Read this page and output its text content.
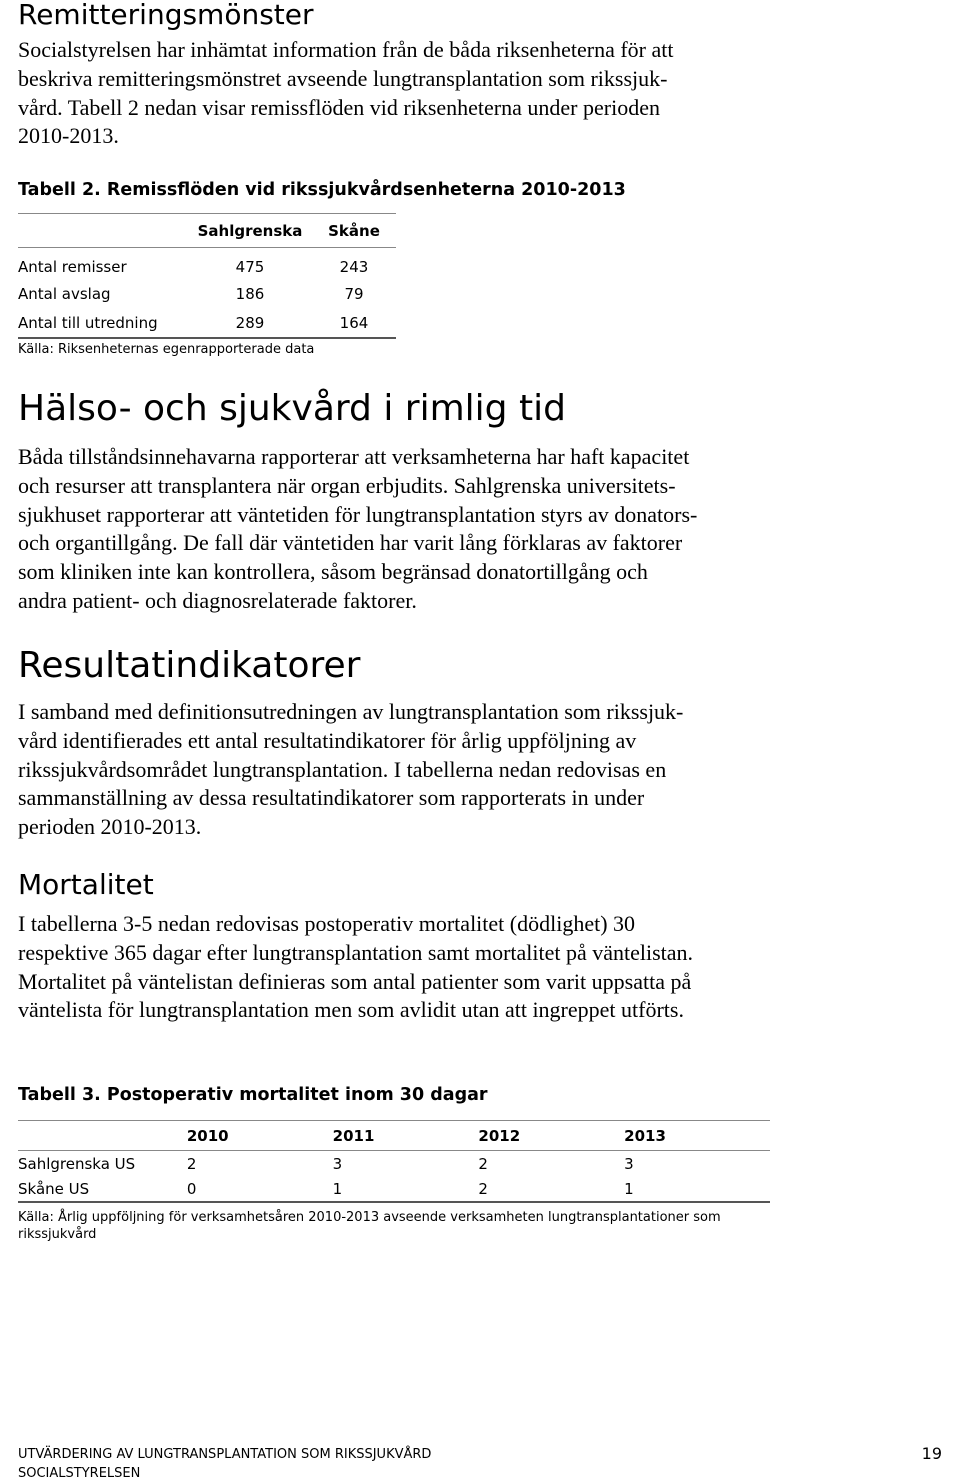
Remitteringsmönster

Socialstyrelsen har inhämtat information från de båda riksenheterna för att

beskriva remitteringsmönstret avseende lungtransplantation som rikssjuk-

vård. Tabell 2 nedan visar remissflöden vid riksenheterna under perioden

2010-2013.

Tabell 2. Remissflöden vid rikssjukvårdsenheterna 2010-2013
	Sahlgrenska	Skåne
Antal remisser	475	243
Antal avslag	186	79
Antal till utredning	289	164
Källa: Riksenheternas egenrapporterade data
Hälso- och sjukvård i rimlig tid

Båda tillståndsinnehavarna rapporterar att verksamheterna har haft kapacitet

och resurser att transplantera när organ erbjudits. Sahlgrenska universitets-

sjukhuset rapporterar att väntetiden för lungtransplantation styrs av donators-

och organtillgång. De fall där väntetiden har varit lång förklaras av faktorer

som kliniken inte kan kontrollera, såsom begränsad donatortillgång och

andra patient- och diagnosrelaterade faktorer.

Resultatindikatorer

I samband med definitionsutredningen av lungtransplantation som rikssjuk-

vård identifierades ett antal resultatindikatorer för årlig uppföljning av

rikssjukvårdsområdet lungtransplantation. I tabellerna nedan redovisas en

sammanställning av dessa resultatindikatorer som rapporterats in under

perioden 2010-2013.

Mortalitet

I tabellerna 3-5 nedan redovisas postoperativ mortalitet (dödlighet) 30

respektive 365 dagar efter lungtransplantation samt mortalitet på väntelistan.

Mortalitet på väntelistan definieras som antal patienter som varit uppsatta på

väntelista för lungtransplantation men som avlidit utan att ingreppet utförts.

Tabell 3. Postoperativ mortalitet inom 30 dagar
	2010	2011	2012	2013
Sahlgrenska US	2	3	2	3
Skåne US	0	1	2	1
Källa: Årlig uppföljning för verksamhetsåren 2010-2013 avseende verksamheten lungtransplantationer som
rikssjukvård
UTVÄRDERING AV LUNGTRANSPLANTATION SOM RIKSSJUKVÅRD
SOCIALSTYRELSEN
19
